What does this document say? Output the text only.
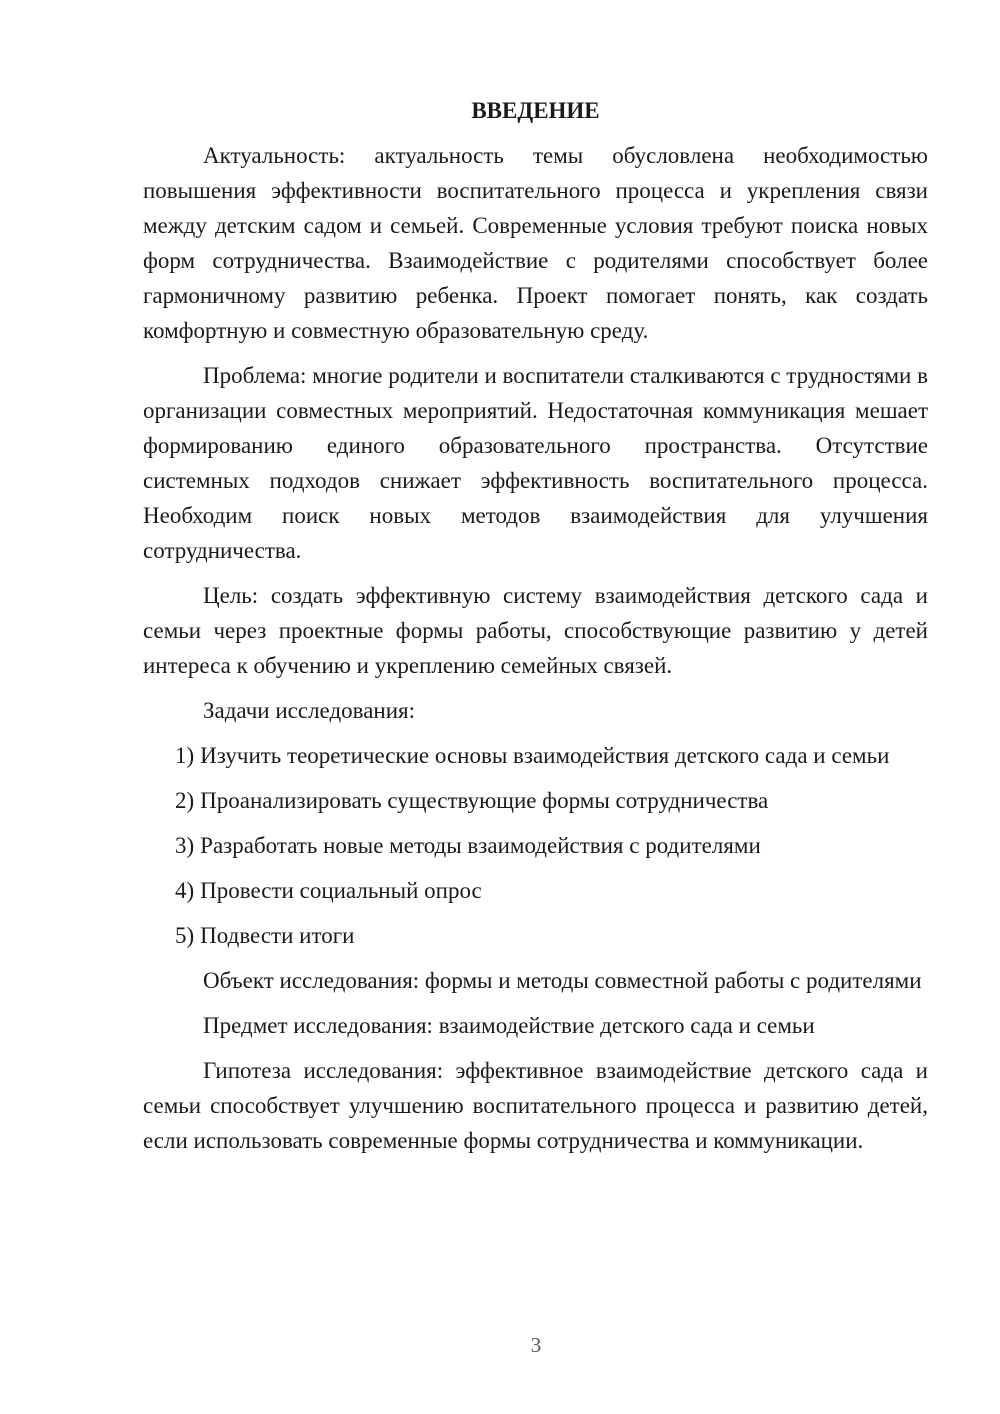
ВВЕДЕНИЕ

Актуальность: актуальность темы обусловлена необходимостью повышения эффективности воспитательного процесса и укрепления связи между детским садом и семьей. Современные условия требуют поиска новых форм сотрудничества. Взаимодействие с родителями способствует более гармоничному развитию ребенка. Проект помогает понять, как создать комфортную и совместную образовательную среду.

Проблема: многие родители и воспитатели сталкиваются с трудностями в организации совместных мероприятий. Недостаточная коммуникация мешает формированию единого образовательного пространства. Отсутствие системных подходов снижает эффективность воспитательного процесса. Необходим поиск новых методов взаимодействия для улучшения сотрудничества.

Цель: создать эффективную систему взаимодействия детского сада и семьи через проектные формы работы, способствующие развитию у детей интереса к обучению и укреплению семейных связей.

Задачи исследования:

1) Изучить теоретические основы взаимодействия детского сада и семьи

2) Проанализировать существующие формы сотрудничества

3) Разработать новые методы взаимодействия с родителями

4) Провести социальный опрос

5) Подвести итоги

Объект исследования: формы и методы совместной работы с родителями

Предмет исследования: взаимодействие детского сада и семьи

Гипотеза исследования: эффективное взаимодействие детского сада и семьи способствует улучшению воспитательного процесса и развитию детей, если использовать современные формы сотрудничества и коммуникации.

3
